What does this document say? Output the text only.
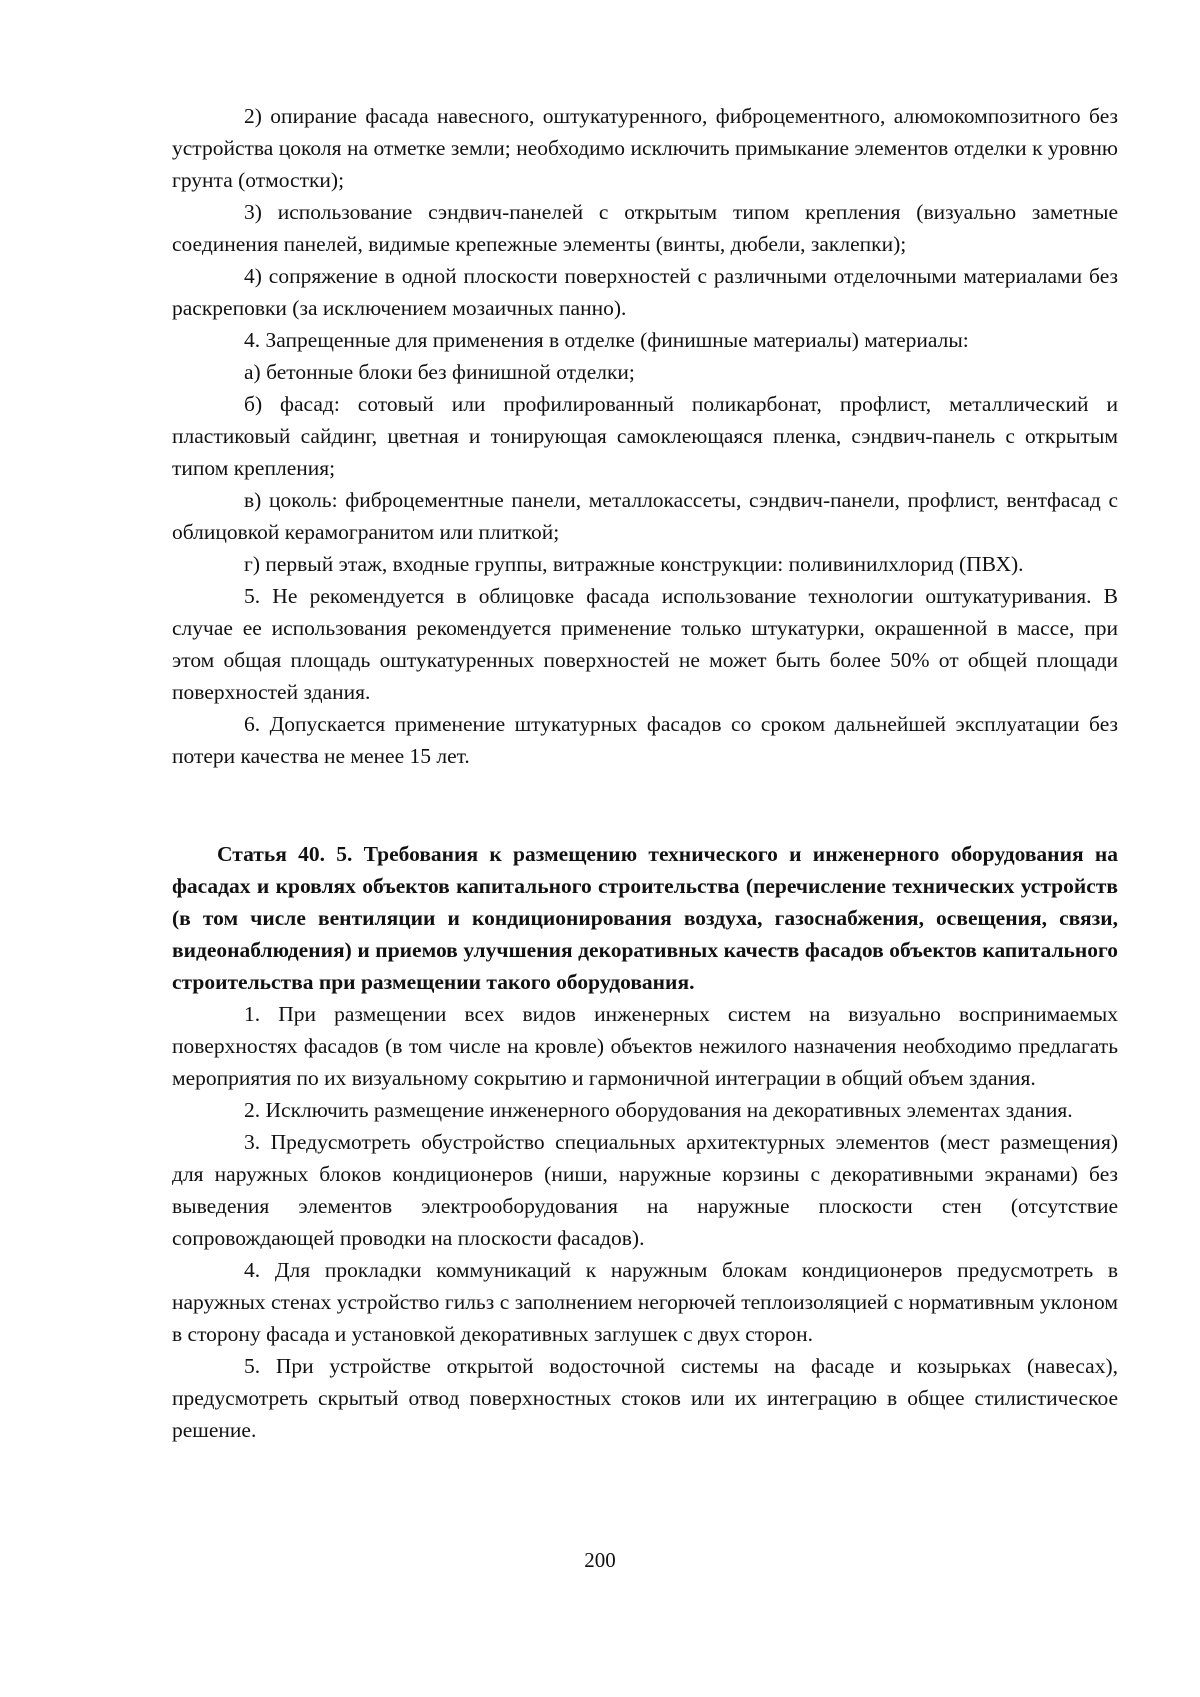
2) опирание фасада навесного, оштукатуренного, фиброцементного, алюмокомпозитного без устройства цоколя на отметке земли; необходимо исключить примыкание элементов отделки к уровню грунта (отмостки);

3) использование сэндвич-панелей с открытым типом крепления (визуально заметные соединения панелей, видимые крепежные элементы (винты, дюбели, заклепки);

4) сопряжение в одной плоскости поверхностей с различными отделочными материалами без раскреповки (за исключением мозаичных панно).

4. Запрещенные для применения в отделке (финишные материалы) материалы:

а) бетонные блоки без финишной отделки;

б) фасад: сотовый или профилированный поликарбонат, профлист, металлический и пластиковый сайдинг, цветная и тонирующая самоклеющаяся пленка, сэндвич-панель с открытым типом крепления;

в) цоколь: фиброцементные панели, металлокассеты, сэндвич-панели, профлист, вентфасад с облицовкой керамогранитом или плиткой;

г) первый этаж, входные группы, витражные конструкции: поливинилхлорид (ПВХ).

5. Не рекомендуется в облицовке фасада использование технологии оштукатуривания. В случае ее использования рекомендуется применение только штукатурки, окрашенной в массе, при этом общая площадь оштукатуренных поверхностей не может быть более 50% от общей площади поверхностей здания.

6. Допускается применение штукатурных фасадов со сроком дальнейшей эксплуатации без потери качества не менее 15 лет.

Статья 40. 5. Требования к размещению технического и инженерного оборудования на фасадах и кровлях объектов капитального строительства (перечисление технических устройств (в том числе вентиляции и кондиционирования воздуха, газоснабжения, освещения, связи, видеонаблюдения) и приемов улучшения декоративных качеств фасадов объектов капитального строительства при размещении такого оборудования.

1. При размещении всех видов инженерных систем на визуально воспринимаемых поверхностях фасадов (в том числе на кровле) объектов нежилого назначения необходимо предлагать мероприятия по их визуальному сокрытию и гармоничной интеграции в общий объем здания.

2. Исключить размещение инженерного оборудования на декоративных элементах здания.

3. Предусмотреть обустройство специальных архитектурных элементов (мест размещения) для наружных блоков кондиционеров (ниши, наружные корзины с декоративными экранами) без выведения элементов электрооборудования на наружные плоскости стен (отсутствие сопровождающей проводки на плоскости фасадов).

4. Для прокладки коммуникаций к наружным блокам кондиционеров предусмотреть в наружных стенах устройство гильз с заполнением негорючей теплоизоляцией с нормативным уклоном в сторону фасада и установкой декоративных заглушек с двух сторон.

5. При устройстве открытой водосточной системы на фасаде и козырьках (навесах), предусмотреть скрытый отвод поверхностных стоков или их интеграцию в общее стилистическое решение.

200
